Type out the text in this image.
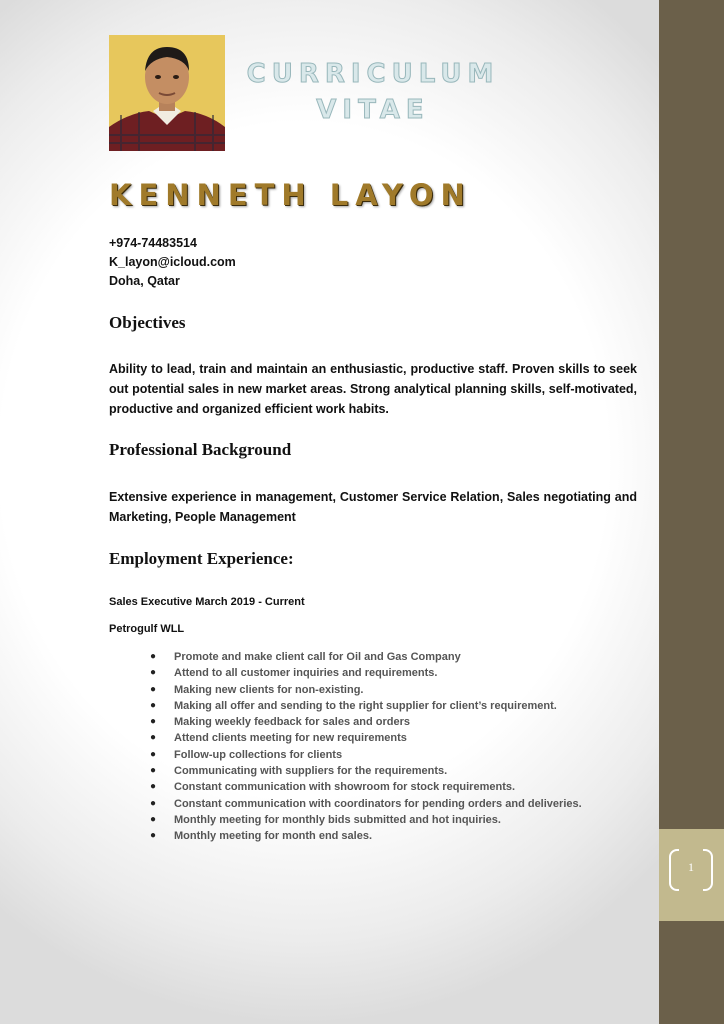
CURRICULUM
VITAE
KENNETH LAYON
+974-74483514
K_layon@icloud.com
Doha, Qatar
Objectives
Ability to lead, train and maintain an enthusiastic, productive staff. Proven skills to seek out potential sales in new market areas. Strong analytical planning skills, self-motivated, productive and organized efficient work habits.
Professional Background
Extensive experience in management, Customer Service Relation, Sales negotiating and Marketing, People Management
Employment Experience:
Sales Executive March 2019 - Current
Petrogulf WLL
● Promote and make client call for Oil and Gas Company
● Attend to all customer inquiries and requirements.
● Making new clients for non-existing.
● Making all offer and sending to the right supplier for client’s requirement.
● Making weekly feedback for sales and orders
● Attend clients meeting for new requirements
● Follow-up collections for clients
● Communicating with suppliers for the requirements.
● Constant communication with showroom for stock requirements.
● Constant communication with coordinators for pending orders and deliveries.
● Monthly meeting for monthly bids submitted and hot inquiries.
● Monthly meeting for month end sales.
1
